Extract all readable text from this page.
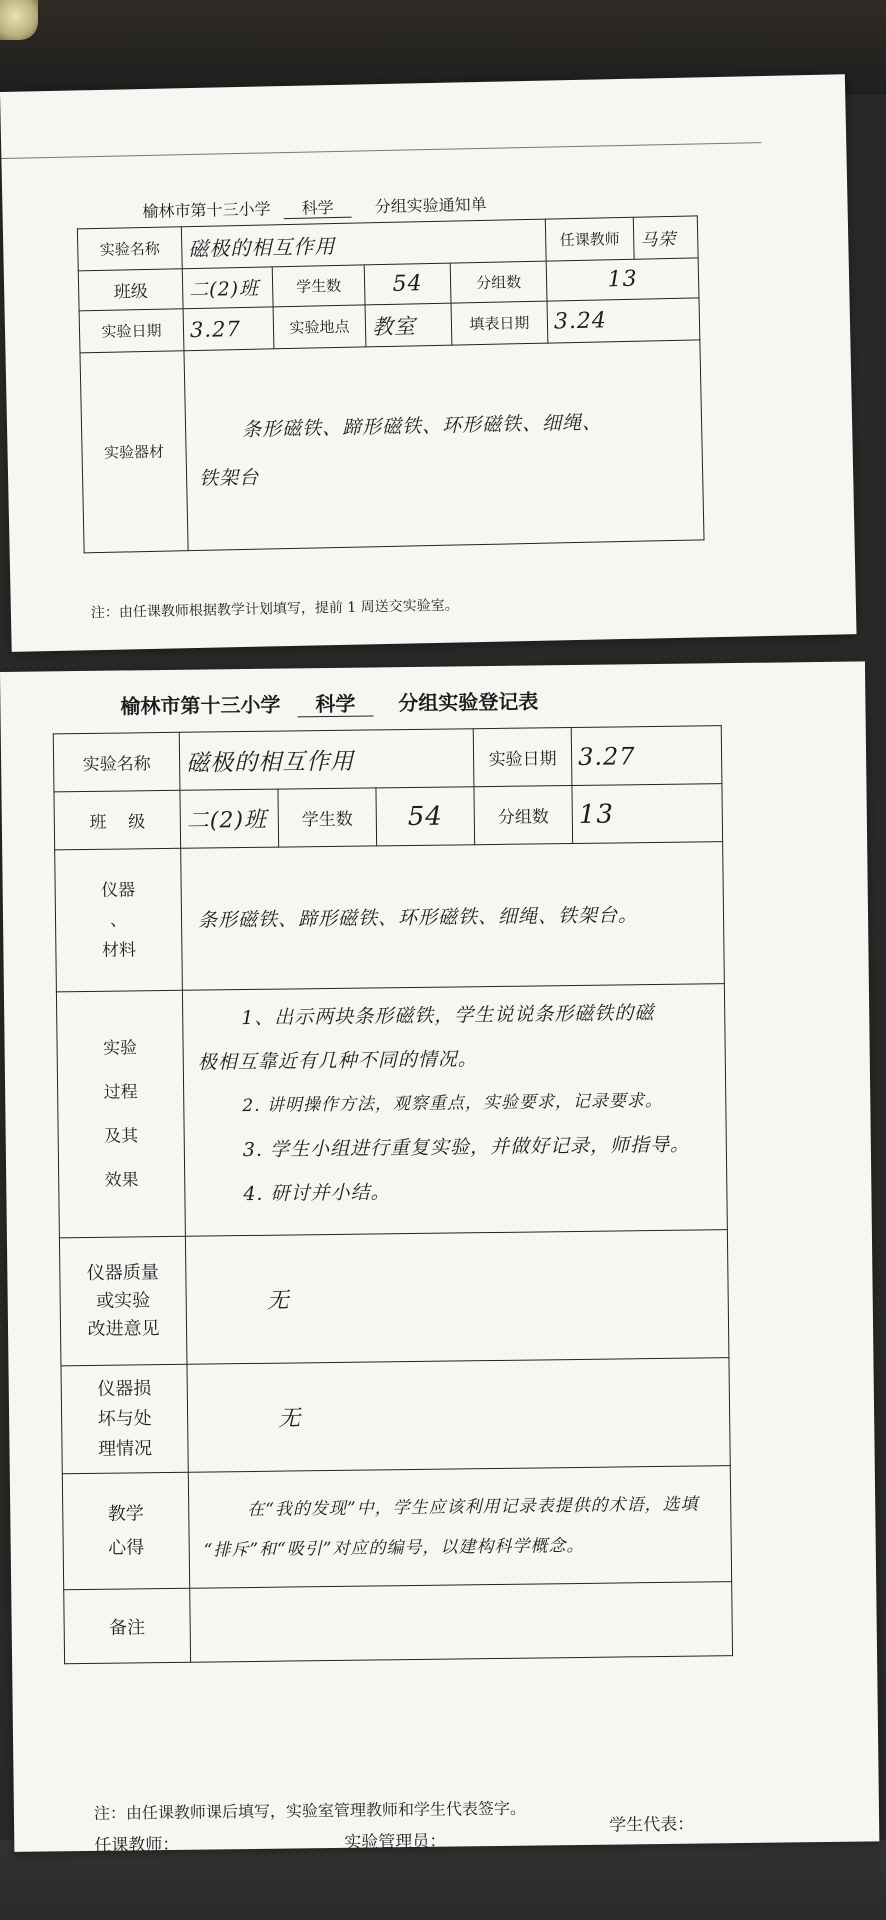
榆林市第十三小学 科学	分组实验通知单
实验名称	磁极的相互作用				任课教师	马荣
班级	二(2)班	学生数	54	分组数	13	
实验日期	3.27	实验地点	教室	填表日期	3.24	
实验器材	条形磁铁、蹄形磁铁、环形磁铁、细绳、
铁架台					
注：由任课教师根据教学计划填写，提前 1 周送交实验室。
榆林市第十三小学 科学 分组实验登记表
实验名称	磁极的相互作用			实验日期	3.27
班    级	二(2)班	学生数	54	分组数	13

仪器
、
材料	条形磁铁、蹄形磁铁、环形磁铁、细绳、铁架台。				

实验
过程
及其
效果	1、出示两块条形磁铁，学生说说条形磁铁的磁
极相互靠近有几种不同的情况。
2. 讲明操作方法，观察重点，实验要求，记录要求。
3. 学生小组进行重复实验，并做好记录，师指导。
4. 研讨并小结。				

仪器质量
或实验
改进意见	无				

仪器损
坏与处
理情况	无				

教学
心得	在“我的发现”中，学生应该利用记录表提供的术语，选填
“排斥”和“吸引”对应的编号，以建构科学概念。				

备注					
注：由任课教师课后填写，实验室管理教师和学生代表签字。
任课教师：	实验管理员：
学生代表：
